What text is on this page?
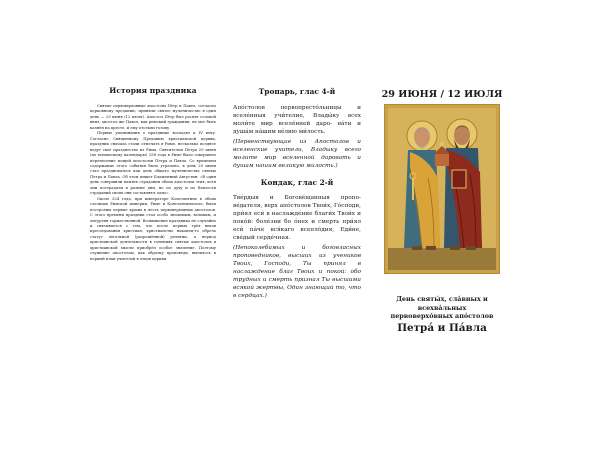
История праздника

Святые первоверховные апостолы Пётр и Павел, согласно церковному преданию, приняли святое мученичество в один день — 29 июня (12 июля). Апостол Пётр был распят головой вниз, апостол же Павел, как римский гражданин, не мог быть казнён на кресте, и ему отсекли голову.

Первые упоминания о празднике восходят к IV веку. Согласно Священному Преданию христианской церкви, праздник сначала стали отмечать в Риме, несколько позднее ведут своё празднество из Рима. Святителем Петра 29 июня (по юлианскому календарю) 258 года в Риме было совершено перенесение мощей апостолов Петра и Павла. Со временем содержание этого события было утрачено, в день 29 июня стал праздноваться как день общего мученичества святых Петра и Павла. Об этом пишет Блаженный Августин: «В один день совершили память страдания обоих апостолов этих, хотя они пострадали в разные дни, но по духу и по близости страданий своих они составляют одно».

Около 324 года, при императоре Константине в обоих столицах Римской империи, Риме и Константинополе, были построены первые храмы в честь первоверховных апостолов. С этого времени праздник стал особо значимым, великим, и литургия торжественной. Возвышение праздника не случайно и связывается с тем, что после первых трёх веков преследования христиан, христианство наконец-то обрело статус легальной (разрешённой) религии, а период христианской деятельности в гонениях святых апостолов в христианской мысли приобрёл особое значение. Поэтому служение апостолам, как образцу проповеди, вылилось в первый план учителей в отцов церкви.

Тропарь, глас 4-й

Апо́столов первопресто́льницы и вселе́нныя учи́телие, Влады́ку всех моли́те мир вселе́нней даро- ва́ти и душа́м на́шим ве́лию ми́лость.

(Первенствующие из Апостолов и вселенские учители, Владыку всего молите мир вселенной даровать и душам нашим великую милость.)

Кондак, глас 2-й

Тве́рдыя и Богове́щанныя пропо- ве́дателя, верх апо́столов Твои́х, Го́споди, при́ял еси́ в наслажде́ние благи́х Твои́х и поко́й: боле́зни бо о́нех и смерть при́ял еси́ па́че вся́каго всепло́дия, Еди́не, све́дый серде́чная.

(Непоколебимых и боговласных проповедников, высших из учеников Твоих, Господи, Ты принял в наслаждение благ Твоих и покой: обо трудных и смерть признал Ты высшими всякой жертвы, Один знающий то, что в сердцах.)

29 ИЮНЯ / 12 ИЮЛЯ
День святы́х, сла́вных и
всехва́льных
первоверхо́вных апо́столов
Петра́ и Па́вла
